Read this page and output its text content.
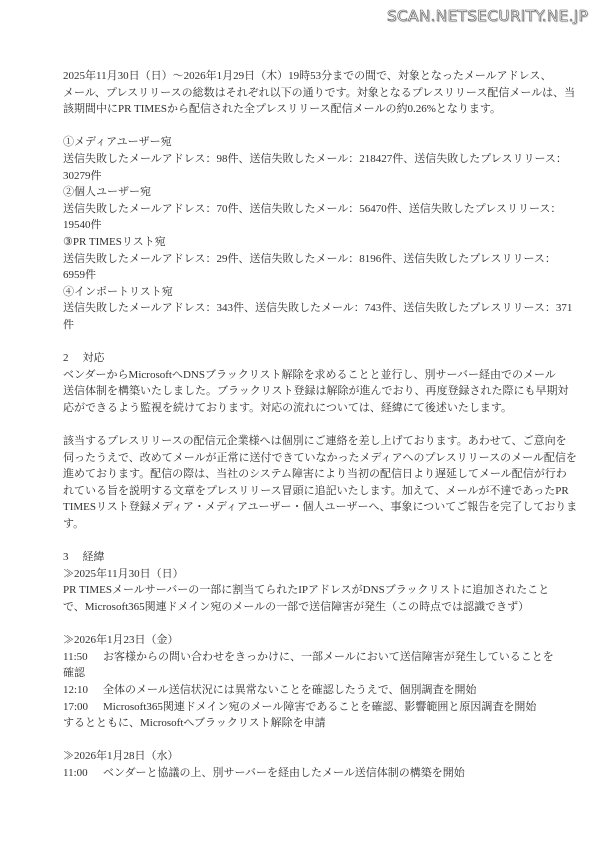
SCAN.NETSECURITY.NE.JP
2025年11月30日（日）～2026年1月29日（木）19時53分までの間で、対象となったメールアドレス、
メール、プレスリリースの総数はそれぞれ以下の通りです。対象となるプレスリリース配信メールは、当
該期間中にPR TIMESから配信された全プレスリリース配信メールの約0.26%となります。
①メディアユーザー宛
送信失敗したメールアドレス：98件、送信失敗したメール：218427件、送信失敗したプレスリリース：
30279件
②個人ユーザー宛
送信失敗したメールアドレス：70件、送信失敗したメール：56470件、送信失敗したプレスリリース：
19540件
③PR TIMESリスト宛
送信失敗したメールアドレス：29件、送信失敗したメール：8196件、送信失敗したプレスリリース：
6959件
④インポートリスト宛
送信失敗したメールアドレス：343件、送信失敗したメール：743件、送信失敗したプレスリリース：371
件
2 対応
ベンダーからMicrosoftへDNSブラックリスト解除を求めることと並行し、別サーバー経由でのメール
送信体制を構築いたしました。ブラックリスト登録は解除が進んでおり、再度登録された際にも早期対
応ができるよう監視を続けております。対応の流れについては、経緯にて後述いたします。
該当するプレスリリースの配信元企業様へは個別にご連絡を差し上げております。あわせて、ご意向を
伺ったうえで、改めてメールが正常に送付できていなかったメディアへのプレスリリースのメール配信を
進めております。配信の際は、当社のシステム障害により当初の配信日より遅延してメール配信が行わ
れている旨を説明する文章をプレスリリース冒頭に追記いたします。加えて、メールが不達であったPR
TIMESリスト登録メディア・メディアユーザー・個人ユーザーへ、事象についてご報告を完了しておりま
す。
3 経緯
≫2025年11月30日（日）
PR TIMESメールサーバーの一部に割当てられたIPアドレスがDNSブラックリストに追加されたこと
で、Microsoft365関連ドメイン宛のメールの一部で送信障害が発生（この時点では認識できず）
≫2026年1月23日（金）
11:50 お客様からの問い合わせをきっかけに、一部メールにおいて送信障害が発生していることを
確認
12:10 全体のメール送信状況には異常ないことを確認したうえで、個別調査を開始
17:00 Microsoft365関連ドメイン宛のメール障害であることを確認、影響範囲と原因調査を開始
するとともに、Microsoftへブラックリスト解除を申請
≫2026年1月28日（水）
11:00 ベンダーと協議の上、別サーバーを経由したメール送信体制の構築を開始
